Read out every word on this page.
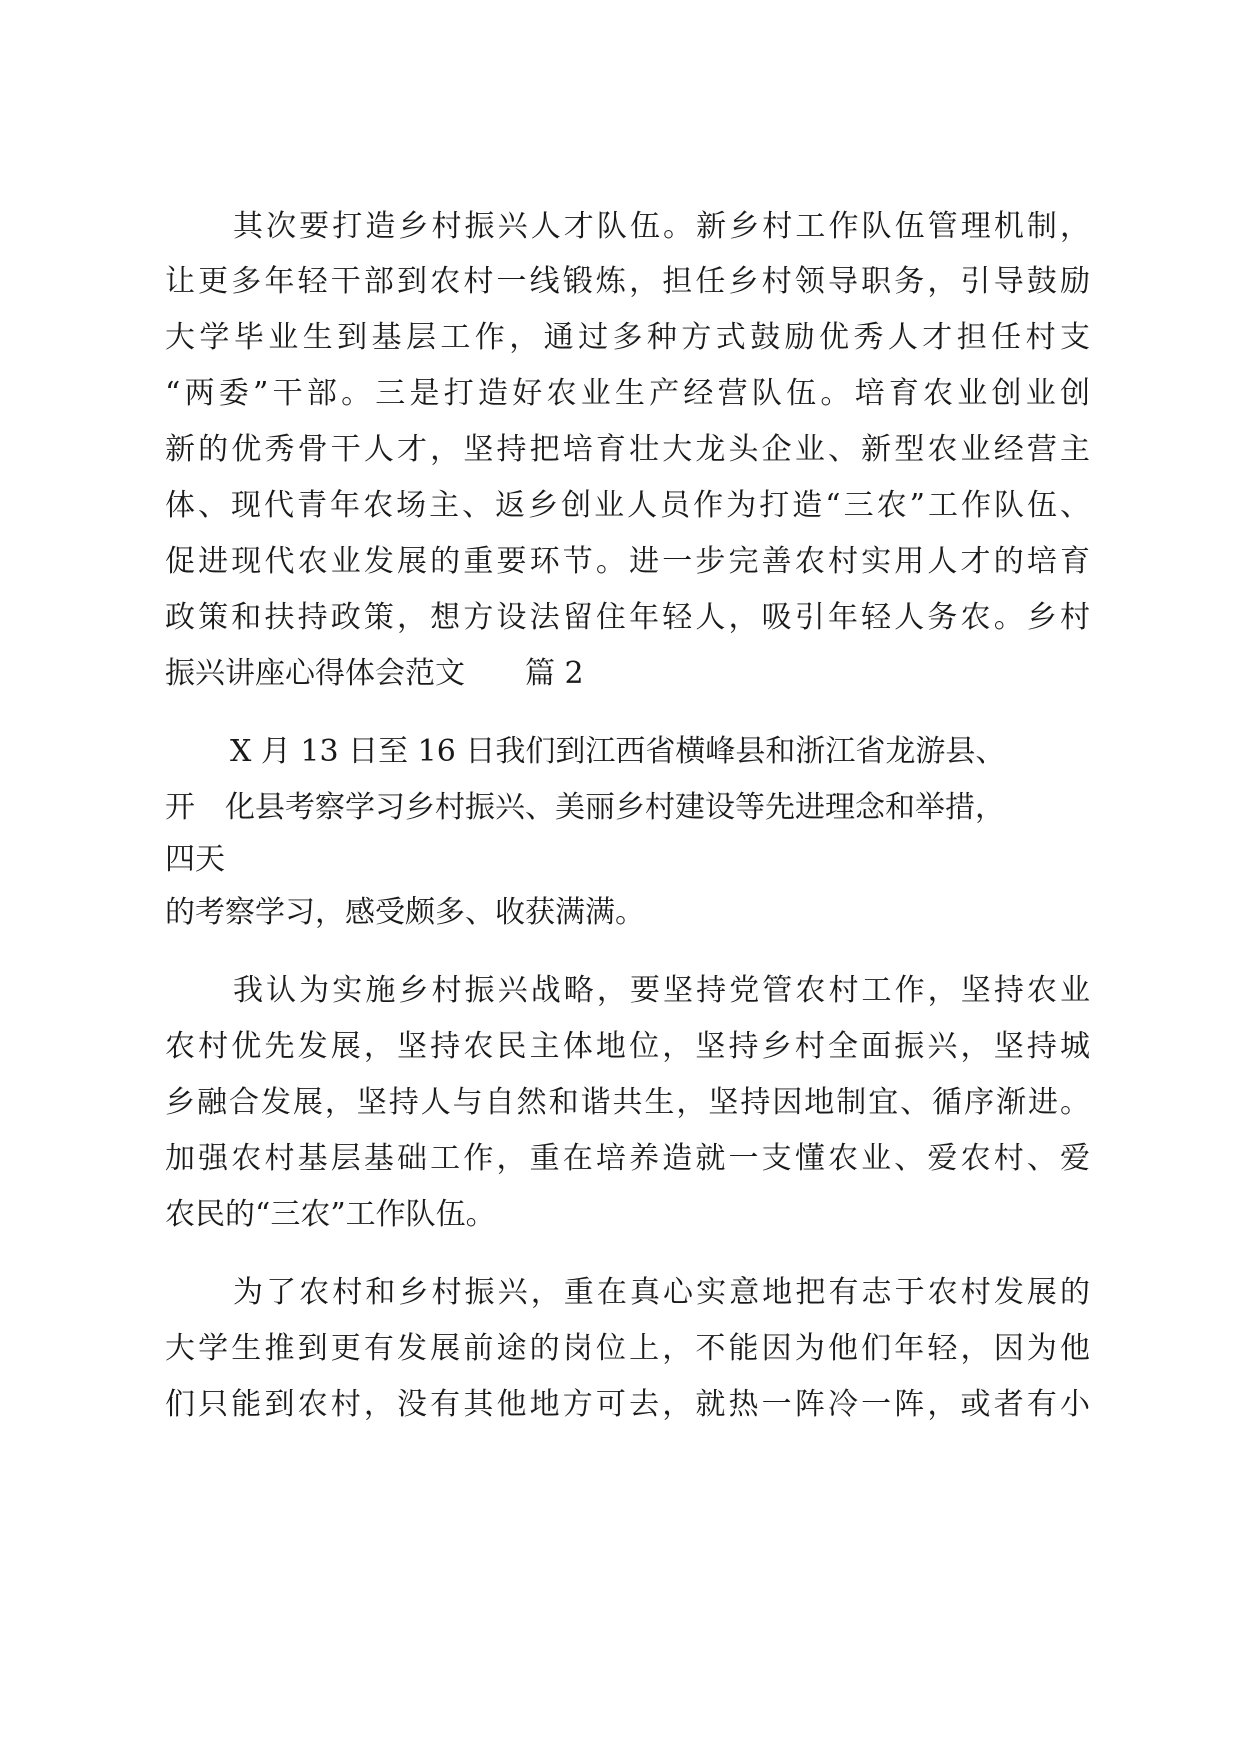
其次要打造乡村振兴人才队伍。新乡村工作队伍管理机制，
让更多年轻干部到农村一线锻炼，担任乡村领导职务，引导鼓励
大学毕业生到基层工作，通过多种方式鼓励优秀人才担任村支
“两委”干部。三是打造好农业生产经营队伍。培育农业创业创
新的优秀骨干人才，坚持把培育壮大龙头企业、新型农业经营主
体、现代青年农场主、返乡创业人员作为打造“三农”工作队伍、
促进现代农业发展的重要环节。进一步完善农村实用人才的培育
政策和扶持政策，想方设法留住年轻人，吸引年轻人务农。乡村
振兴讲座心得体会范文　　篇 2
X 月 13 日至 16 日我们到江西省横峰县和浙江省龙游县、
开　化县考察学习乡村振兴、美丽乡村建设等先进理念和举措，
四天
的考察学习，感受颇多、收获满满。
我认为实施乡村振兴战略，要坚持党管农村工作，坚持农业
农村优先发展，坚持农民主体地位，坚持乡村全面振兴，坚持城
乡融合发展，坚持人与自然和谐共生，坚持因地制宜、循序渐进。
加强农村基层基础工作，重在培养造就一支懂农业、爱农村、爱
农民的“三农”工作队伍。
为了农村和乡村振兴，重在真心实意地把有志于农村发展的
大学生推到更有发展前途的岗位上，不能因为他们年轻，因为他
们只能到农村，没有其他地方可去，就热一阵冷一阵，或者有小
